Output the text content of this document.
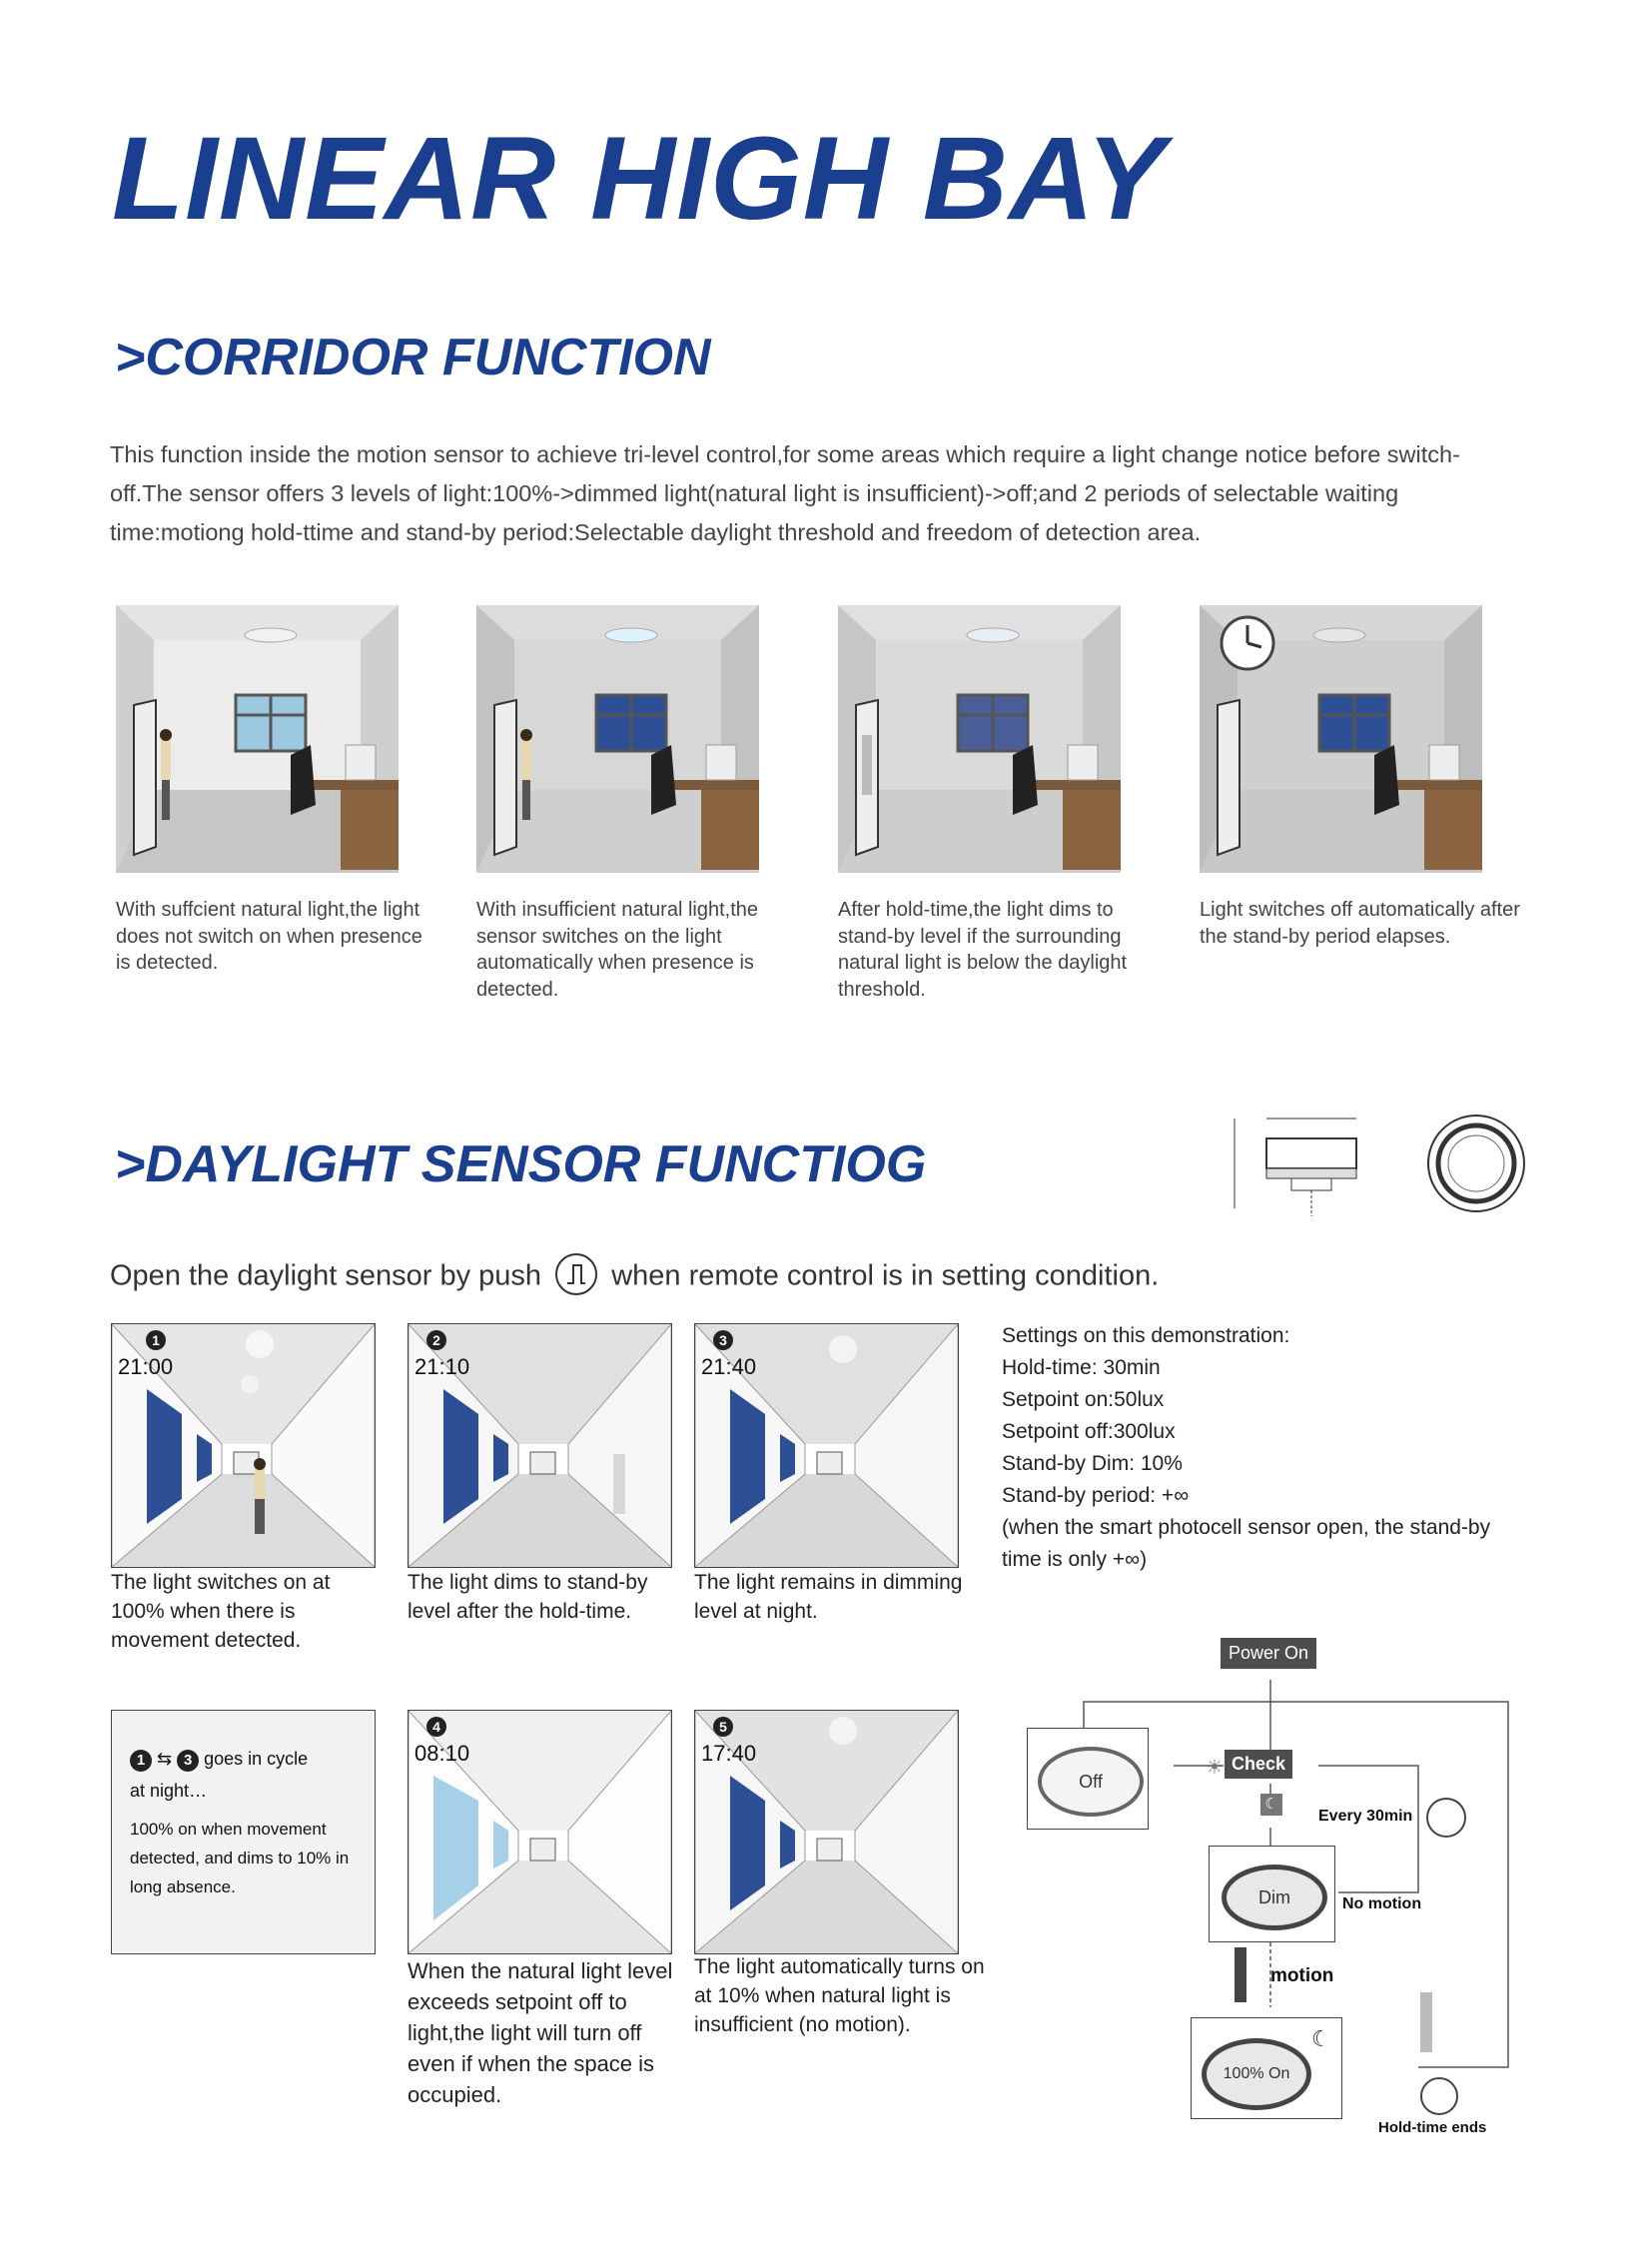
LINEAR HIGH BAY
>CORRIDOR FUNCTION

This function inside the motion sensor to achieve tri-level control,for some areas which require a light change notice before switch-off.The sensor offers 3 levels of light:100%->dimmed light(natural light is insufficient)->off;and 2 periods of selectable waiting time:motiong hold-ttime and stand-by period:Selectable daylight threshold and freedom of detection area.

With suffcient natural light,the light does not switch on when presence is detected.
With insufficient natural light,the sensor switches on the light automatically when presence is detected.
After hold-time,the light dims to stand-by level if the surrounding natural light is below the daylight threshold.
Light switches off automatically after the stand-by period elapses.
>DAYLIGHT SENSOR FUNCTIOG
Open the daylight sensor by push when remote control is in setting condition.
1
21:00
2
21:10
3
21:40
The light switches on at 100% when there is movement detected.
The light dims to stand-by level after the hold-time.
The light remains in dimming level at night.
Settings on this demonstration:
Hold-time: 30min
Setpoint on:50lux
Setpoint off:300lux
Stand-by Dim: 10%
Stand-by period: +∞
(when the smart photocell sensor open, the stand-by time is only +∞)
1 ⇆ 3 goes in cycle
at night…
100% on when movement detected, and dims to 10% in long absence.
4
08:10
5
17:40
When the natural light level exceeds setpoint off to light,the light will turn off even if when the space is occupied.
The light automatically turns on at 10% when natural light is insufficient (no motion).
Power On
Check
☀
☾
Off
Every 30min
Dim	No motion
motion
100% On
☾
Hold-time ends
